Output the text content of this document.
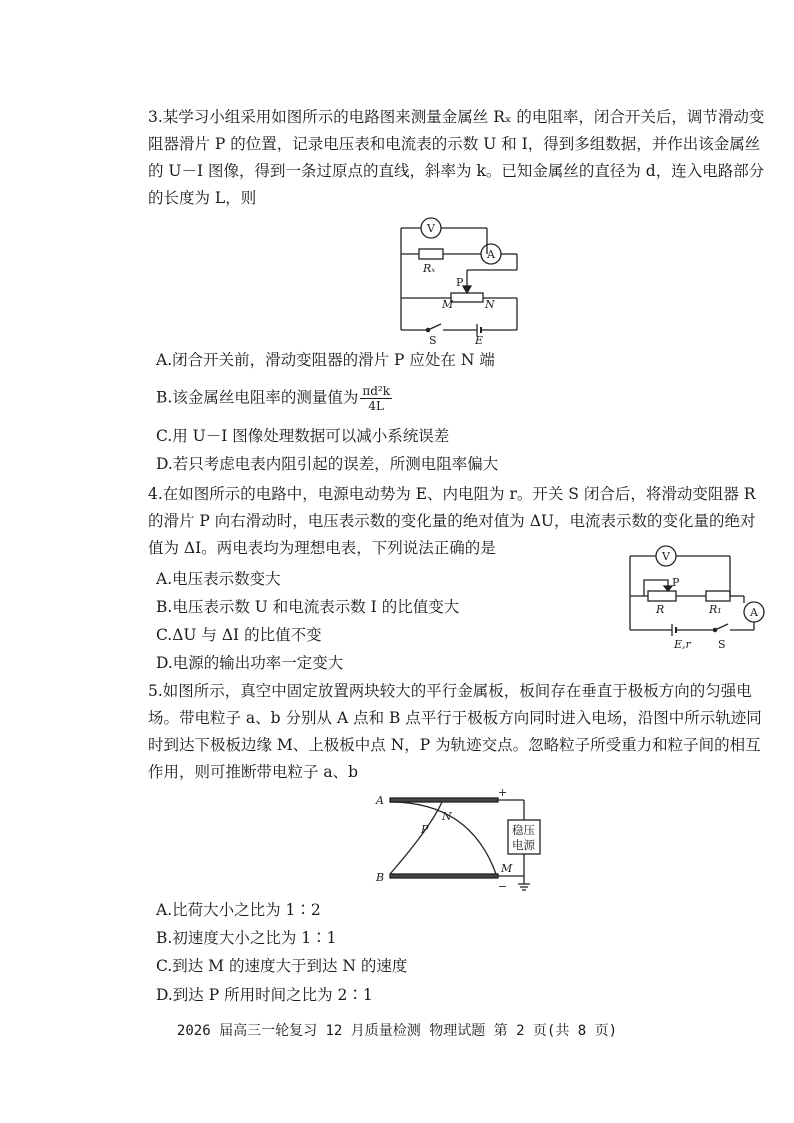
3.某学习小组采用如图所示的电路图来测量金属丝 Rₓ 的电阻率，闭合开关后，调节滑动变阻器滑片 P 的位置，记录电压表和电流表的示数 U 和 I，得到多组数据，并作出该金属丝的 U－I 图像，得到一条过原点的直线，斜率为 k。已知金属丝的直径为 d，连入电路部分的长度为 L，则

V
Rₓ
A
P
M	N
S	E
A.闭合开关前，滑动变阻器的滑片 P 应处在 N 端
B.该金属丝电阻率的测量值为 $\frac{\text{πd²k}}{4L}$
C.用 U－I 图像处理数据可以减小系统误差
D.若只考虑电表内阻引起的误差，所测电阻率偏大

4.在如图所示的电路中，电源电动势为 E、内电阻为 r。开关 S 闭合后，将滑动变阻器 R 的滑片 P 向右滑动时，电压表示数的变化量的绝对值为 ΔU，电流表示数的变化量的绝对值为 ΔI。两电表均为理想电表，下列说法正确的是

A.电压表示数变大
B.电压表示数 U 和电流表示数 I 的比值变大
C.ΔU 与 ΔI 的比值不变
D.电源的输出功率一定变大
V
P
R	R₁	A
E,r S

5.如图所示，真空中固定放置两块较大的平行金属板，板间存在垂直于极板方向的匀强电场。带电粒子 a、b 分别从 A 点和 B 点平行于极板方向同时进入电场，沿图中所示轨迹同时到达下极板边缘 M、上极板中点 N，P 为轨迹交点。忽略粒子所受重力和粒子间的相互作用，则可推断带电粒子 a、b

A
B
N
P
M
稳压
电源
+
−
A.比荷大小之比为 1∶2
B.初速度大小之比为 1∶1
C.到达 M 的速度大于到达 N 的速度
D.到达 P 所用时间之比为 2∶1
2026 届高三一轮复习 12 月质量检测 物理试题 第 2 页(共 8 页)
